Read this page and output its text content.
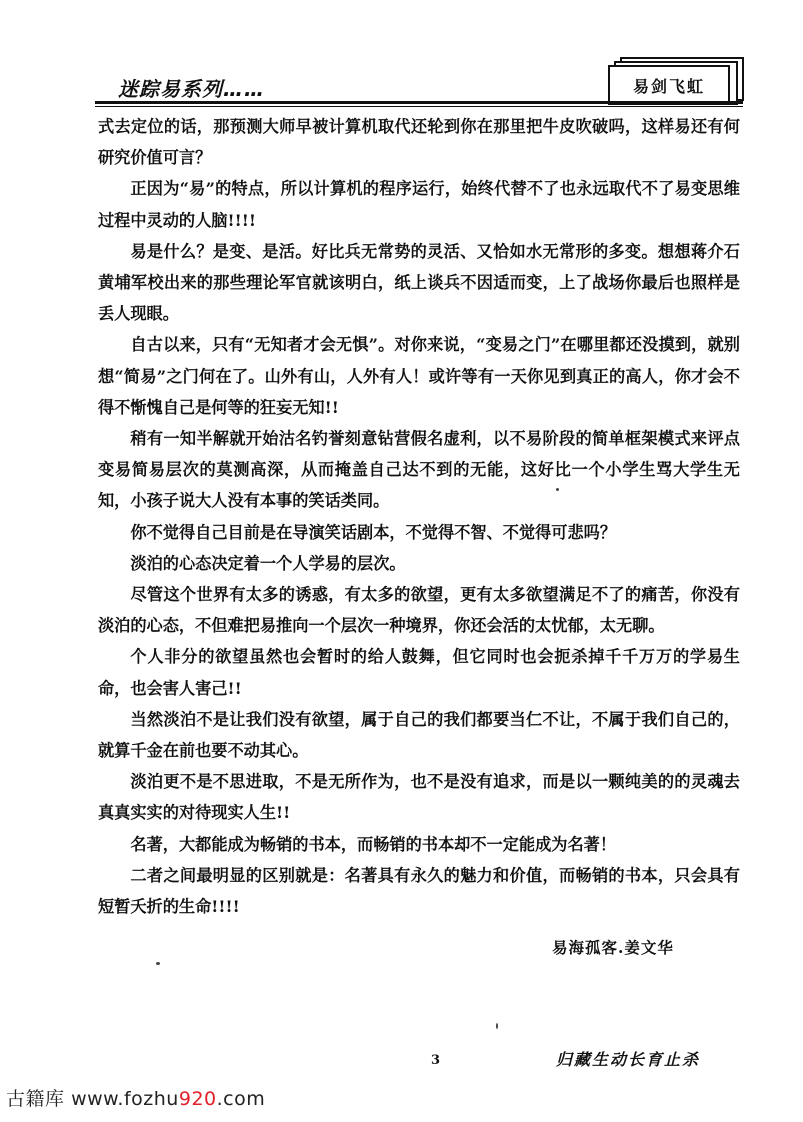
迷踪易系列……	易剑飞虹

式去定位的话，那预测大师早被计算机取代还轮到你在那里把牛皮吹破吗，这样易还有何研究价值可言？

正因为“易”的特点，所以计算机的程序运行，始终代替不了也永远取代不了易变思维过程中灵动的人脑!!!!

易是什么？是变、是活。好比兵无常势的灵活、又恰如水无常形的多变。想想蒋介石黄埔军校出来的那些理论军官就该明白，纸上谈兵不因适而变，上了战场你最后也照样是丢人现眼。

自古以来，只有“无知者才会无惧”。对你来说，“变易之门”在哪里都还没摸到，就别想“简易”之门何在了。山外有山，人外有人！或许等有一天你见到真正的高人，你才会不得不惭愧自己是何等的狂妄无知!!

稍有一知半解就开始沽名钓誉刻意钻营假名虚利，以不易阶段的简单框架模式来评点变易简易层次的莫测高深，从而掩盖自己达不到的无能，这好比一个小学生骂大学生无知，小孩子说大人没有本事的笑话类同。

你不觉得自己目前是在导演笑话剧本，不觉得不智、不觉得可悲吗？

淡泊的心态决定着一个人学易的层次。

尽管这个世界有太多的诱惑，有太多的欲望，更有太多欲望满足不了的痛苦，你没有淡泊的心态，不但难把易推向一个层次一种境界，你还会活的太忧郁，太无聊。

个人非分的欲望虽然也会暂时的给人鼓舞，但它同时也会扼杀掉千千万万的学易生命，也会害人害己!!

当然淡泊不是让我们没有欲望，属于自己的我们都要当仁不让，不属于我们自己的，就算千金在前也要不动其心。

淡泊更不是不思进取，不是无所作为，也不是没有追求，而是以一颗纯美的的灵魂去真真实实的对待现实人生!!

名著，大都能成为畅销的书本，而畅销的书本却不一定能成为名著！

二者之间最明显的区别就是：名著具有永久的魅力和价值，而畅销的书本，只会具有短暂夭折的生命!!!!

易海孤客.姜文华
3	归藏生动长育止杀
古籍库 www.fozhu920.com
